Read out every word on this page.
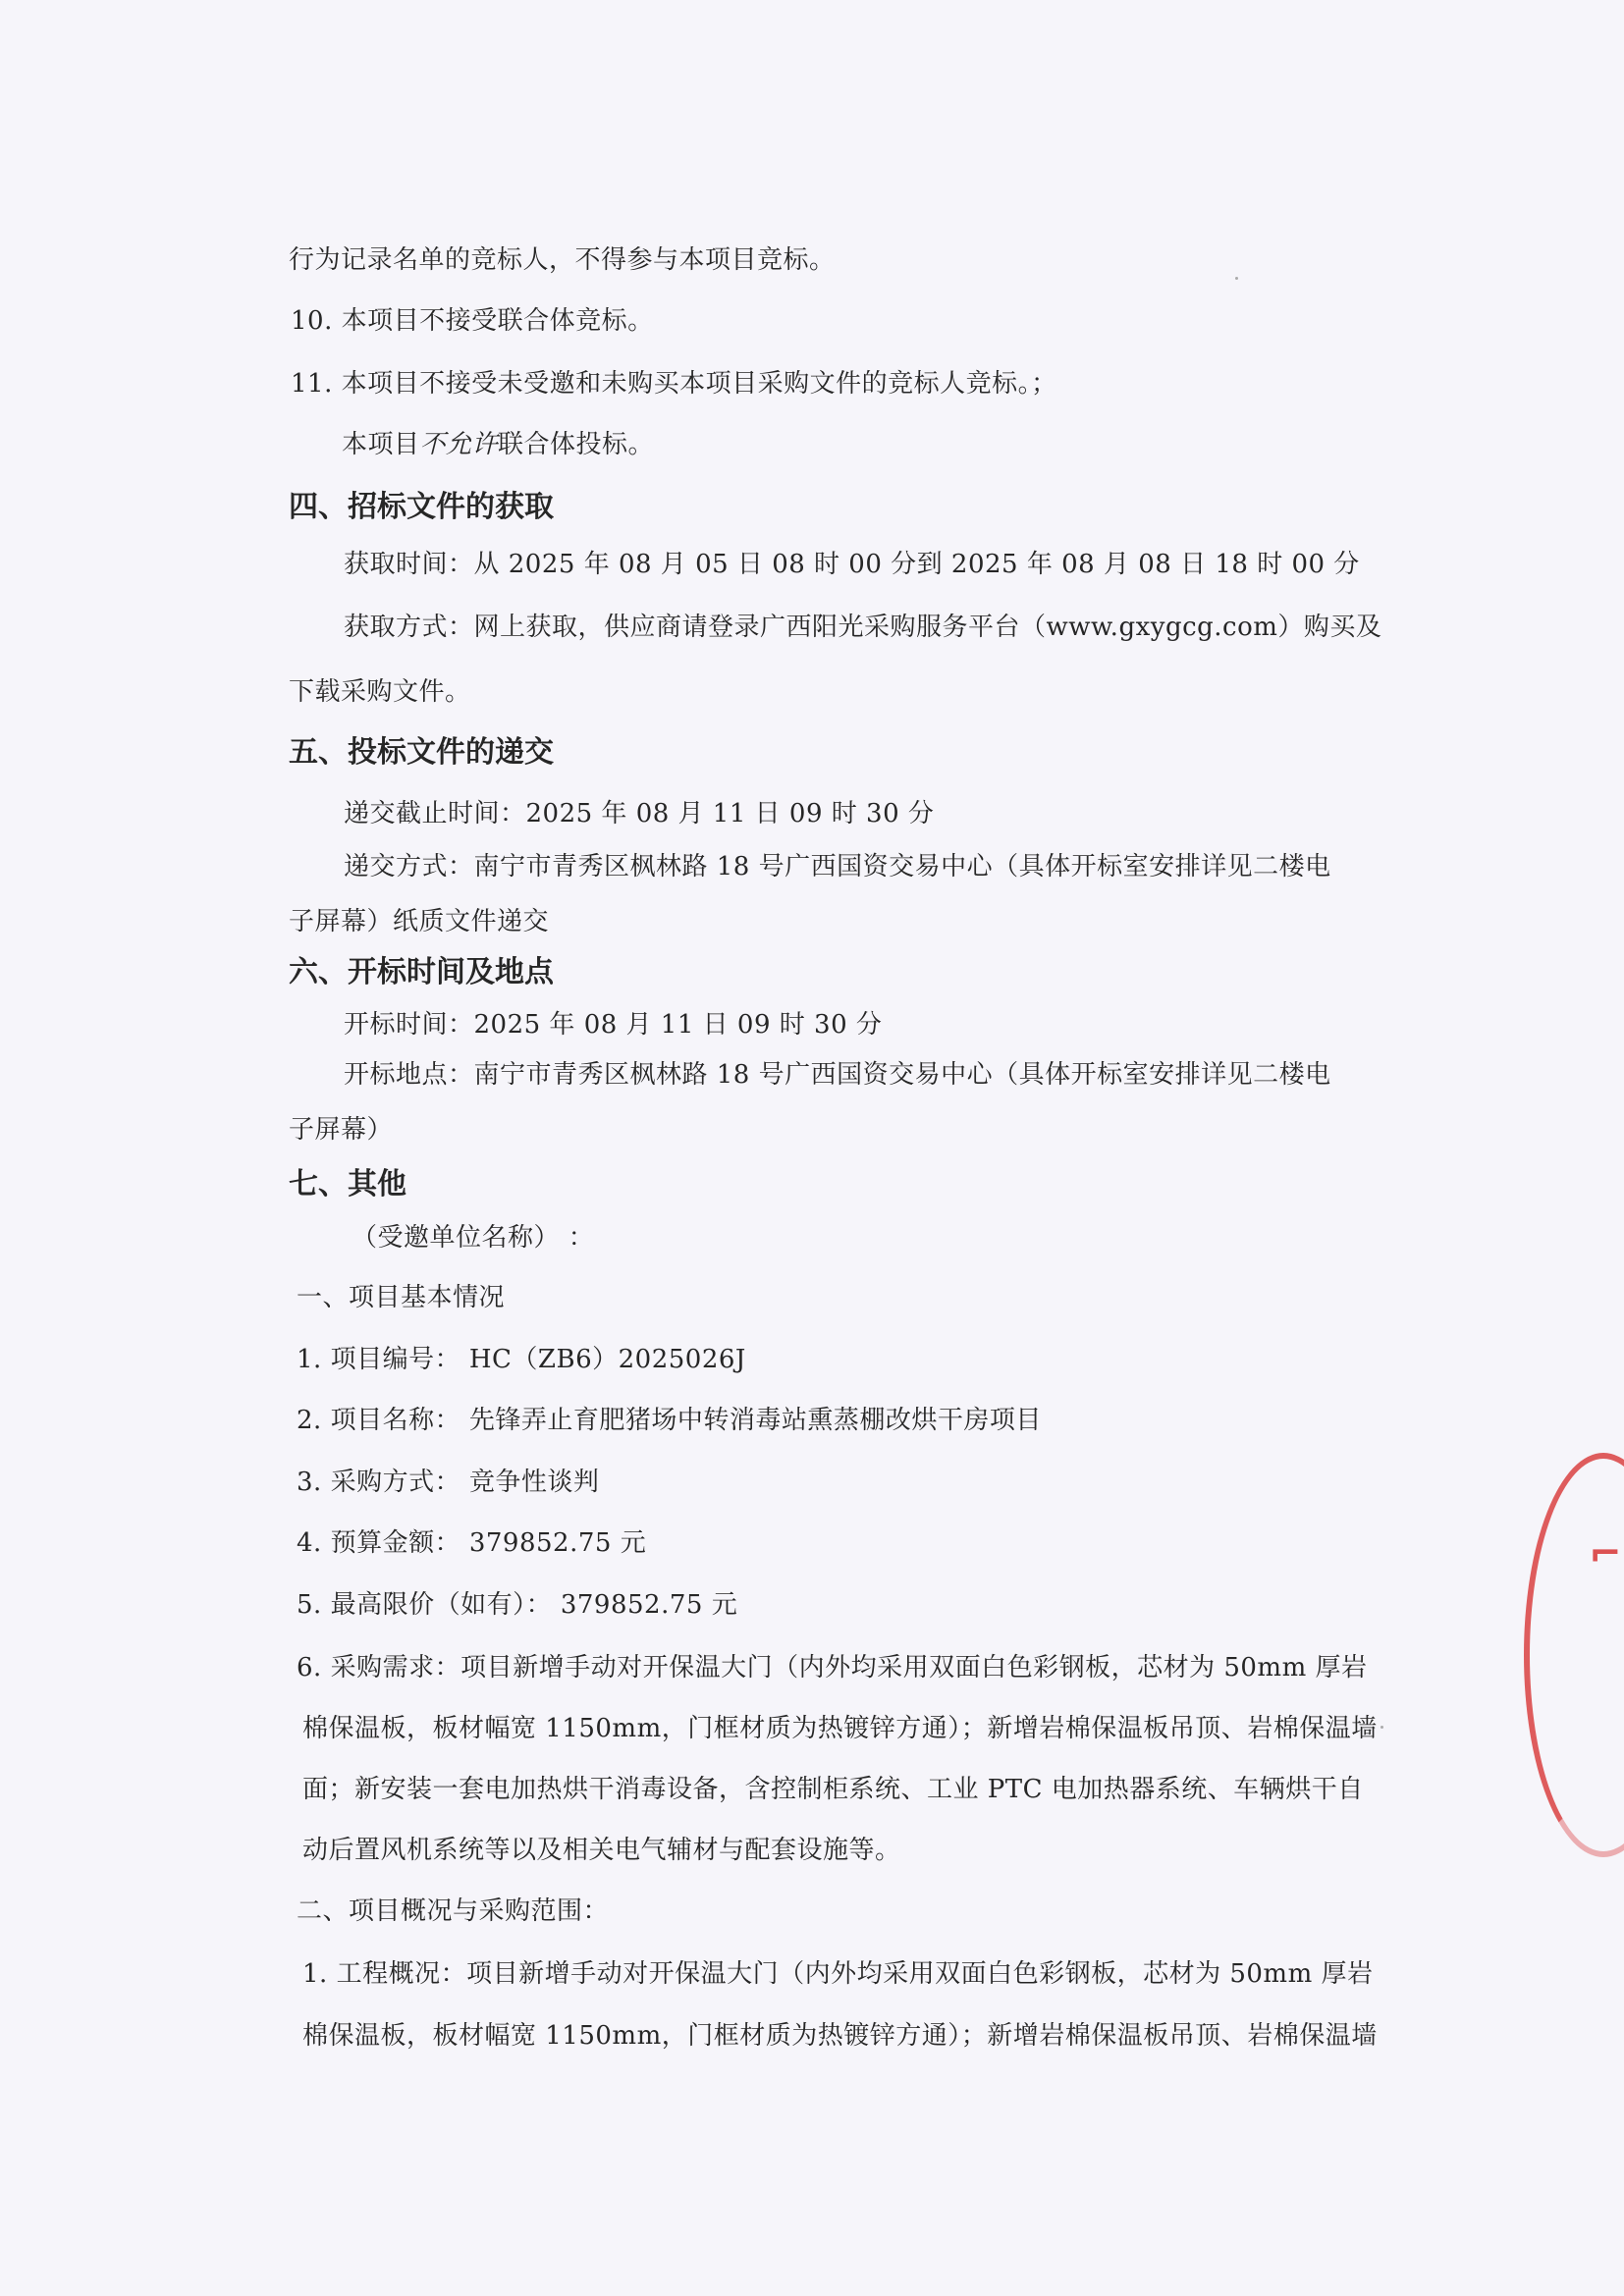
行为记录名单的竞标人，不得参与本项目竞标。
10. 本项目不接受联合体竞标。
11. 本项目不接受未受邀和未购买本项目采购文件的竞标人竞标。；
本项目不允许联合体投标。
四、招标文件的获取
获取时间：从 2025 年 08 月 05 日 08 时 00 分到 2025 年 08 月 08 日 18 时 00 分
获取方式：网上获取，供应商请登录广西阳光采购服务平台（www.gxygcg.com）购买及
下载采购文件。
五、投标文件的递交
递交截止时间：2025 年 08 月 11 日 09 时 30 分
递交方式：南宁市青秀区枫林路 18 号广西国资交易中心（具体开标室安排详见二楼电
子屏幕）纸质文件递交
六、开标时间及地点
开标时间：2025 年 08 月 11 日 09 时 30 分
开标地点：南宁市青秀区枫林路 18 号广西国资交易中心（具体开标室安排详见二楼电
子屏幕）
七、其他
（受邀单位名称） ：
一、项目基本情况
1. 项目编号： HC（ZB6）2025026J
2. 项目名称： 先锋弄止育肥猪场中转消毒站熏蒸棚改烘干房项目
3. 采购方式： 竞争性谈判
4. 预算金额： 379852.75 元
5. 最高限价（如有）： 379852.75 元
6. 采购需求：项目新增手动对开保温大门（内外均采用双面白色彩钢板，芯材为 50mm 厚岩
棉保温板，板材幅宽 1150mm，门框材质为热镀锌方通）；新增岩棉保温板吊顶、岩棉保温墙
面；新安装一套电加热烘干消毒设备，含控制柜系统、工业 PTC 电加热器系统、车辆烘干自
动后置风机系统等以及相关电气辅材与配套设施等。
二、项目概况与采购范围：
1. 工程概况：项目新增手动对开保温大门（内外均采用双面白色彩钢板，芯材为 50mm 厚岩
棉保温板，板材幅宽 1150mm，门框材质为热镀锌方通）；新增岩棉保温板吊顶、岩棉保温墙
⌐
